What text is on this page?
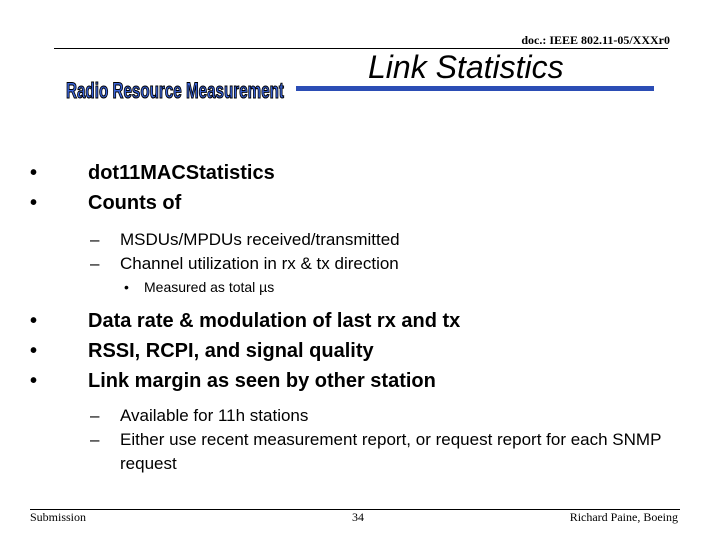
doc.: IEEE 802.11-05/XXXr0
Radio Resource Measurement
Link Statistics
•	dot11MACStatistics
•	Counts of
– MSDUs/MPDUs received/transmitted
– Channel utilization in rx & tx direction
• Measured as total µs
•	Data rate & modulation of last rx and tx
•	RSSI, RCPI, and signal quality
•	Link margin as seen by other station
– Available for 11h stations
– Either use recent measurement report, or request report for each SNMP request
Submission	34	Richard Paine, Boeing
